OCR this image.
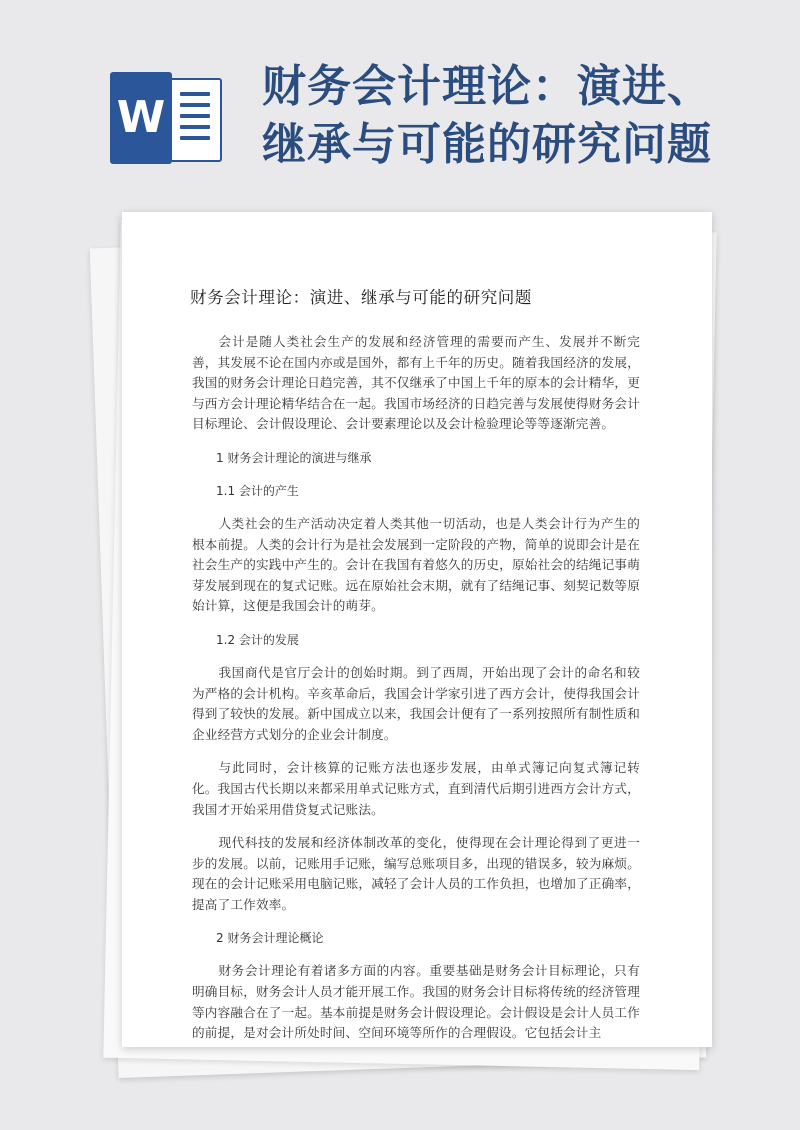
W
财务会计理论：演进、
继承与可能的研究问题
财务会计理论：演进、继承与可能的研究问题

会计是随人类社会生产的发展和经济管理的需要而产生、发展并不断完善，其发展不论在国内亦或是国外，都有上千年的历史。随着我国经济的发展，我国的财务会计理论日趋完善，其不仅继承了中国上千年的原本的会计精华，更与西方会计理论精华结合在一起。我国市场经济的日趋完善与发展使得财务会计目标理论、会计假设理论、会计要素理论以及会计检验理论等等逐渐完善。

1 财务会计理论的演进与继承

1.1 会计的产生

人类社会的生产活动决定着人类其他一切活动，也是人类会计行为产生的根本前提。人类的会计行为是社会发展到一定阶段的产物，简单的说即会计是在社会生产的实践中产生的。会计在我国有着悠久的历史，原始社会的结绳记事萌芽发展到现在的复式记账。远在原始社会末期，就有了结绳记事、刻契记数等原始计算，这便是我国会计的萌芽。

1.2 会计的发展

我国商代是官厅会计的创始时期。到了西周，开始出现了会计的命名和较为严格的会计机构。辛亥革命后，我国会计学家引进了西方会计，使得我国会计得到了较快的发展。新中国成立以来，我国会计便有了一系列按照所有制性质和企业经营方式划分的企业会计制度。

与此同时，会计核算的记账方法也逐步发展，由单式簿记向复式簿记转化。我国古代长期以来都采用单式记账方式，直到清代后期引进西方会计方式，我国才开始采用借贷复式记账法。

现代科技的发展和经济体制改革的变化，使得现在会计理论得到了更进一步的发展。以前，记账用手记账，编写总账项目多，出现的错误多，较为麻烦。现在的会计记账采用电脑记账，减轻了会计人员的工作负担，也增加了正确率，提高了工作效率。

2 财务会计理论概论

财务会计理论有着诸多方面的内容。重要基础是财务会计目标理论，只有明确目标，财务会计人员才能开展工作。我国的财务会计目标将传统的经济管理等内容融合在了一起。基本前提是财务会计假设理论。会计假设是会计人员工作的前提，是对会计所处时间、空间环境等所作的合理假设。它包括会计主
